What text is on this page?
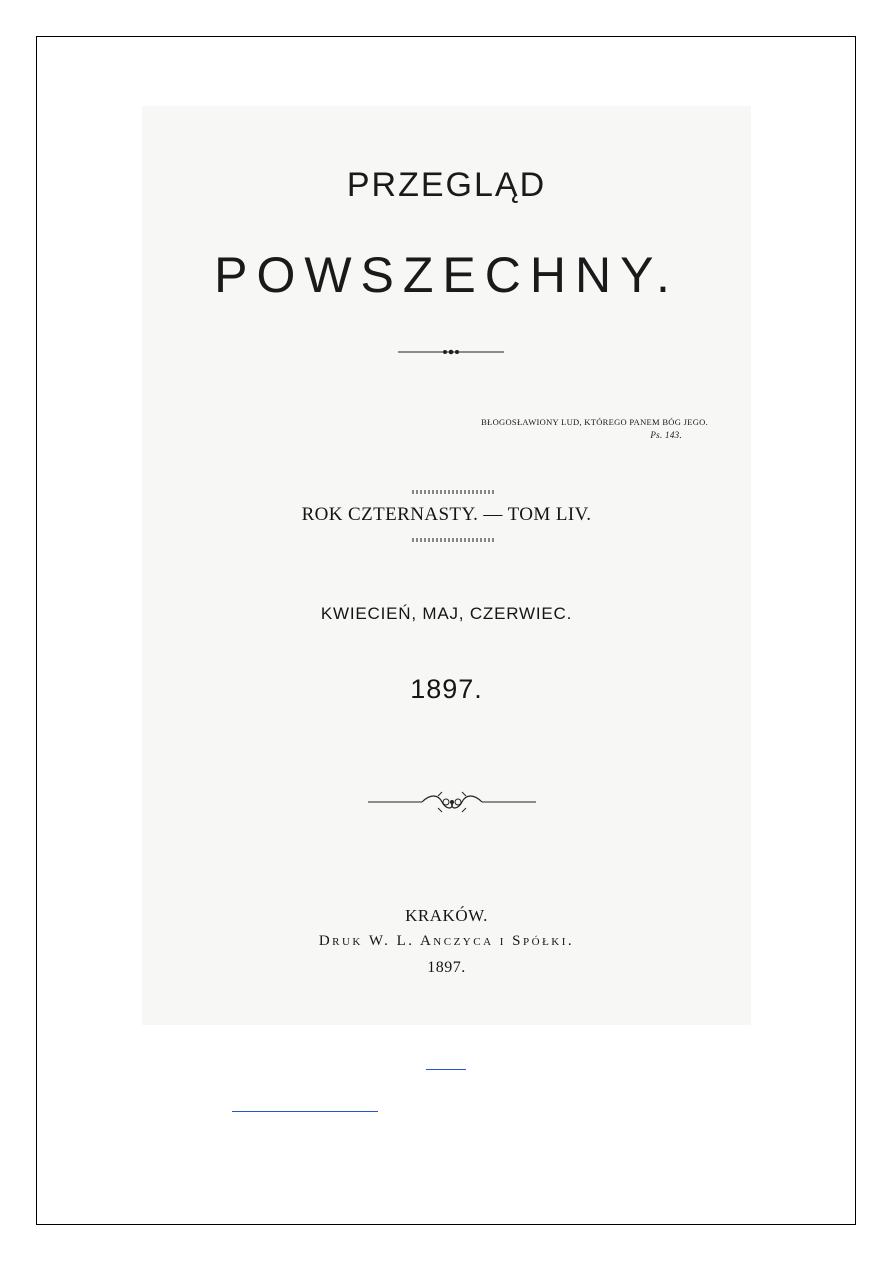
PRZEGLĄD
POWSZECHNY.
BŁOGOSŁAWIONY LUD, KTÓREGO PANEM BÓG JEGO.
Ps. 143.
ROK CZTERNASTY. — TOM LIV.
KWIECIEŃ, MAJ, CZERWIEC.
1897.
KRAKÓW.
Druk W. L. Anczyca i Spółki.
1897.
